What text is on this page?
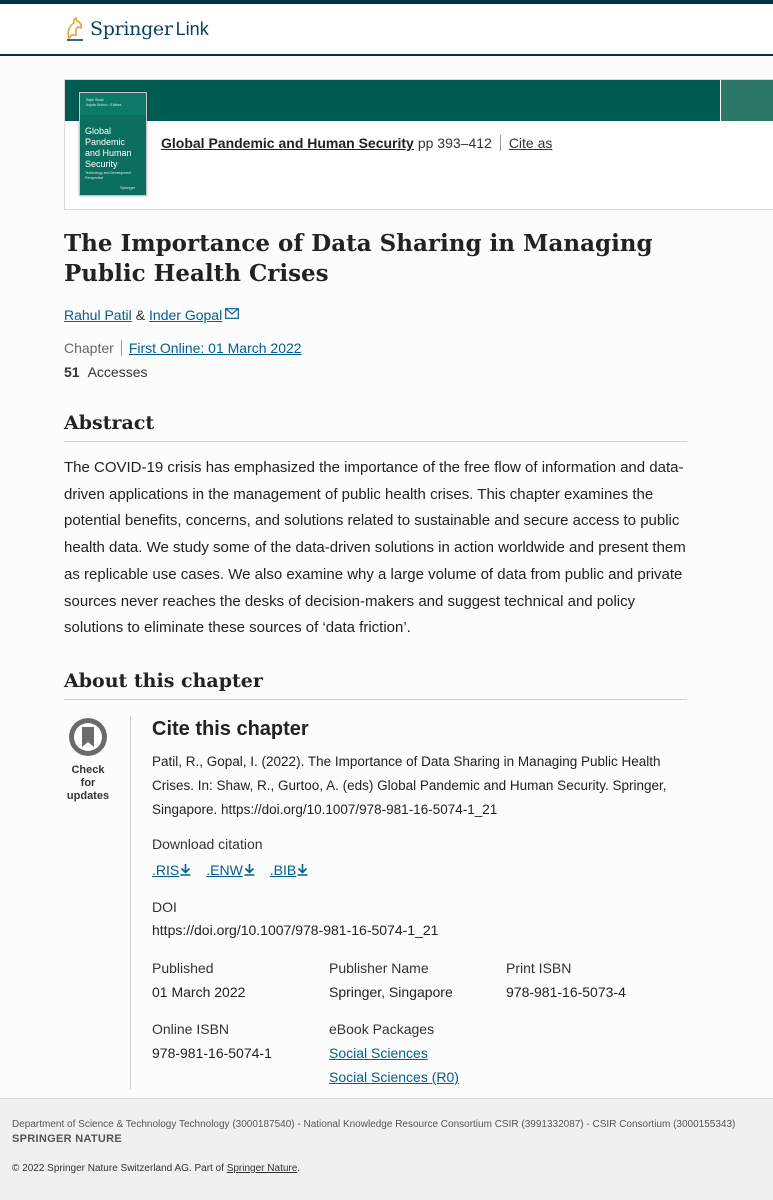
Springer Link
Rajib Shaw
Anjula Gurtoo · Editors
Global
Pandemic
and Human
Security
Technology and Development
Perspective
Springer
Global Pandemic and Human Security pp 393–412 Cite as
The Importance of Data Sharing in Managing Public Health Crises
Rahul Patil & Inder Gopal
Chapter First Online: 01 March 2022
51 Accesses
Abstract

The COVID-19 crisis has emphasized the importance of the free flow of information and data-driven applications in the management of public health crises. This chapter examines the potential benefits, concerns, and solutions related to sustainable and secure access to public health data. We study some of the data-driven solutions in action worldwide and present them as replicable use cases. We also examine why a large volume of data from public and private sources never reaches the desks of decision-makers and suggest technical and policy solutions to eliminate these sources of ‘data friction’.

About this chapter
Check for updates
Cite this chapter

Patil, R., Gopal, I. (2022). The Importance of Data Sharing in Managing Public Health Crises. In: Shaw, R., Gurtoo, A. (eds) Global Pandemic and Human Security. Springer, Singapore. https://doi.org/10.1007/978-981-16-5074-1_21

Download citation
.RIS .ENW .BIB
DOI
https://doi.org/10.1007/978-981-16-5074-1_21
Published
01 March 2022
Publisher Name
Springer, Singapore
Print ISBN
978-981-16-5073-4
Online ISBN
978-981-16-5074-1
eBook Packages
Social Sciences
Social Sciences (R0)
Department of Science & Technology Technology (3000187540) - National Knowledge Resource Consortium CSIR (3991332087) - CSIR Consortium (3000155343)
SPRINGER NATURE
© 2022 Springer Nature Switzerland AG. Part of Springer Nature.
